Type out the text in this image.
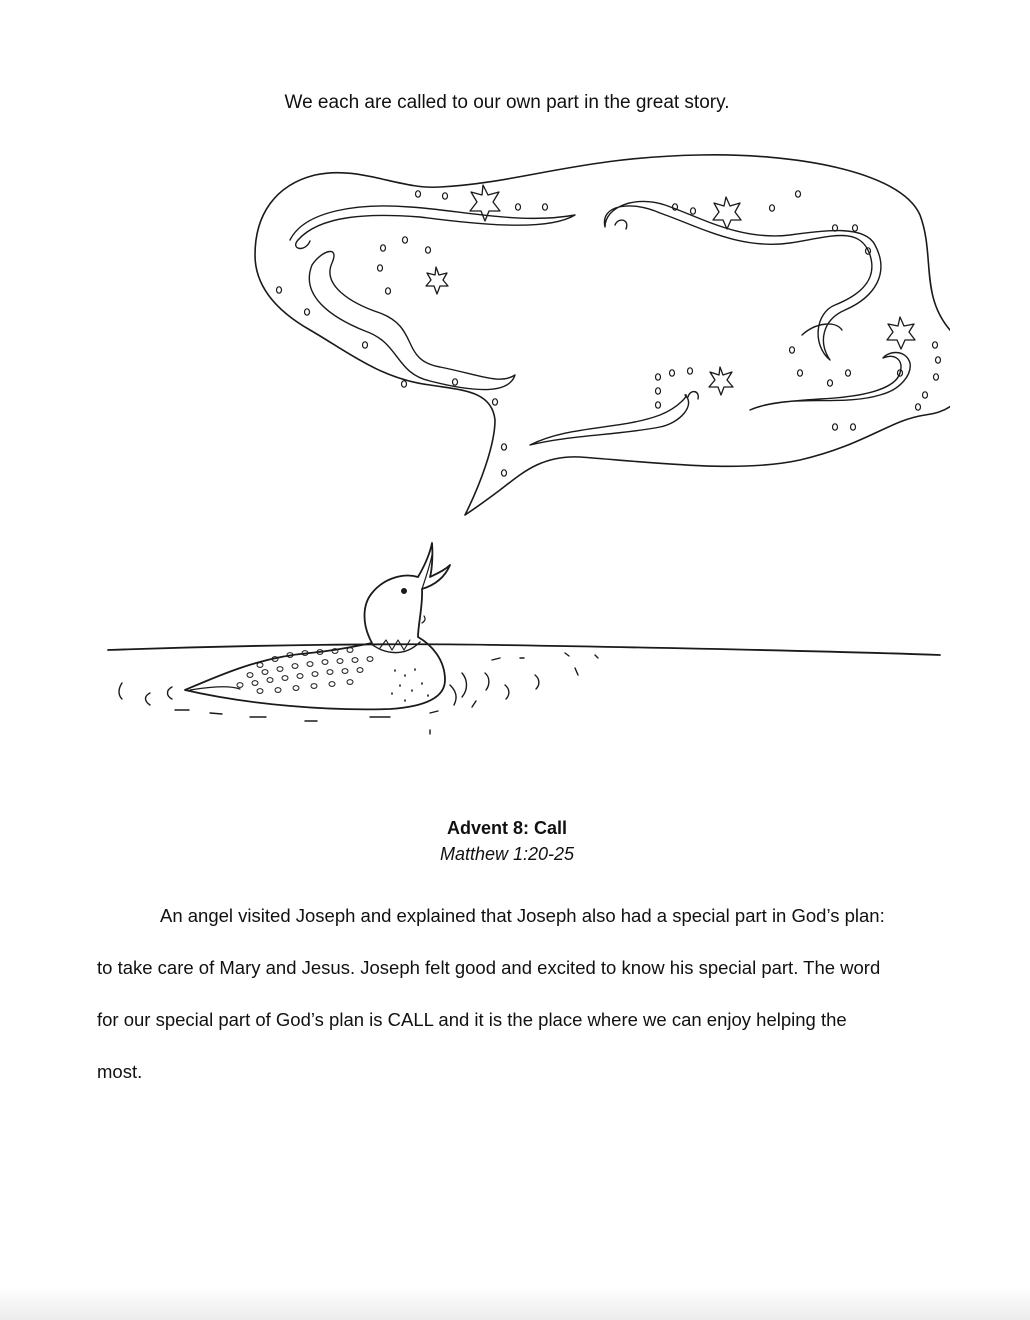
We each are called to our own part in the great story.
Advent 8: Call
Matthew 1:20-25
An angel visited Joseph and explained that Joseph also had a special part in God’s plan:
to take care of Mary and Jesus. Joseph felt good and excited to know his special part. The word
for our special part of God’s plan is CALL and it is the place where we can enjoy helping the
most.
